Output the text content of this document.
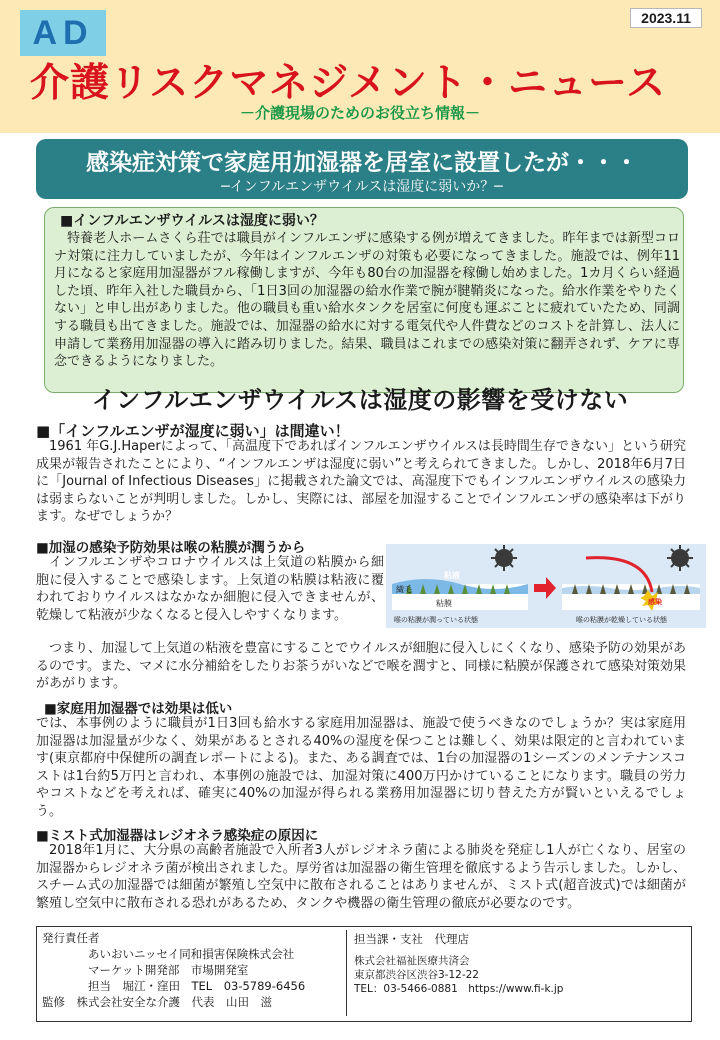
AD	2023.11
介護リスクマネジメント・ニュース
－介護現場のためのお役立ち情報－
感染症対策で家庭用加湿器を居室に設置したが・・・
─インフルエンザウイルスは湿度に弱いか？─
■インフルエンザウイルスは湿度に弱い？
特養老人ホームさくら荘では職員がインフルエンザに感染する例が増えてきました。昨年までは新型コロナ対策に注力していましたが、今年はインフルエンザの対策も必要になってきました。施設では、例年11月になると家庭用加湿器がフル稼働しますが、今年も80台の加湿器を稼働し始めました。1カ月くらい経過した頃、昨年入社した職員から、「1日3回の加湿器の給水作業で腕が腱鞘炎になった。給水作業をやりたくない」と申し出がありました。他の職員も重い給水タンクを居室に何度も運ぶことに疲れていたため、同調する職員も出てきました。施設では、加湿器の給水に対する電気代や人件費などのコストを計算し、法人に申請して業務用加湿器の導入に踏み切りました。結果、職員はこれまでの感染対策に翻弄されず、ケアに専念できるようになりました。
インフルエンザウイルスは湿度の影響を受けない
■「インフルエンザが湿度に弱い」は間違い！
1961 年G.J.Haperによって、「高温度下であればインフルエンザウイルスは長時間生存できない」という研究成果が報告されたことにより、“インフルエンザは湿度に弱い”と考えられてきました。しかし、2018年6月7日に「Journal of Infectious Diseases」に掲載された論文では、高湿度下でもインフルエンザウイルスの感染力は弱まらないことが判明しました。しかし、実際には、部屋を加湿することでインフルエンザの感染率は下がります。なぜでしょうか？
■加湿の感染予防効果は喉の粘膜が潤うから
インフルエンザやコロナウイルスは上気道の粘膜から細胞に侵入することで感染します。上気道の粘膜は粘液に覆われておりウイルスはなかなか細胞に侵入できませんが、乾燥して粘液が少なくなると侵入しやすくなります。
粘液
繊毛
粘膜
喉の粘膜が潤っている状態
感染
喉の粘膜が乾燥している状態
つまり、加湿して上気道の粘液を豊富にすることでウイルスが細胞に侵入しにくくなり、感染予防の効果があるのです。また、マメに水分補給をしたりお茶うがいなどで喉を潤すと、同様に粘膜が保護されて感染対策効果があがります。
■家庭用加湿器では効果は低い
では、本事例のように職員が1日3回も給水する家庭用加湿器は、施設で使うべきなのでしょうか？実は家庭用加湿器は加湿量が少なく、効果があるとされる40%の湿度を保つことは難しく、効果は限定的と言われています(東京都府中保健所の調査レポートによる)。また、ある調査では、1台の加湿器の1シーズンのメンテナンスコストは1台約5万円と言われ、本事例の施設では、加湿対策に400万円かけていることになります。職員の労力やコストなどを考えれば、確実に40%の加湿が得られる業務用加湿器に切り替えた方が賢いといえるでしょう。
■ミスト式加湿器はレジオネラ感染症の原因に
2018年1月に、大分県の高齢者施設で入所者3人がレジオネラ菌による肺炎を発症し1人が亡くなり、居室の加湿器からレジオネラ菌が検出されました。厚労省は加湿器の衛生管理を徹底するよう告示しました。しかし、スチーム式の加湿器では細菌が繁殖し空気中に散布されることはありませんが、ミスト式(超音波式)では細菌が繁殖し空気中に散布される恐れがあるため、タンクや機器の衛生管理の徹底が必要なのです。
発行責任者
あいおいニッセイ同和損害保険株式会社
マーケット開発部　市場開発室
担当　堀江・窪田　TEL　03-5789-6456
監修　株式会社安全な介護　代表　山田　滋
担当課・支社　代理店
株式会社福祉医療共済会
東京都渋谷区渋谷3-12-22
TEL：03-5466-0881　https://www.fi-k.jp
